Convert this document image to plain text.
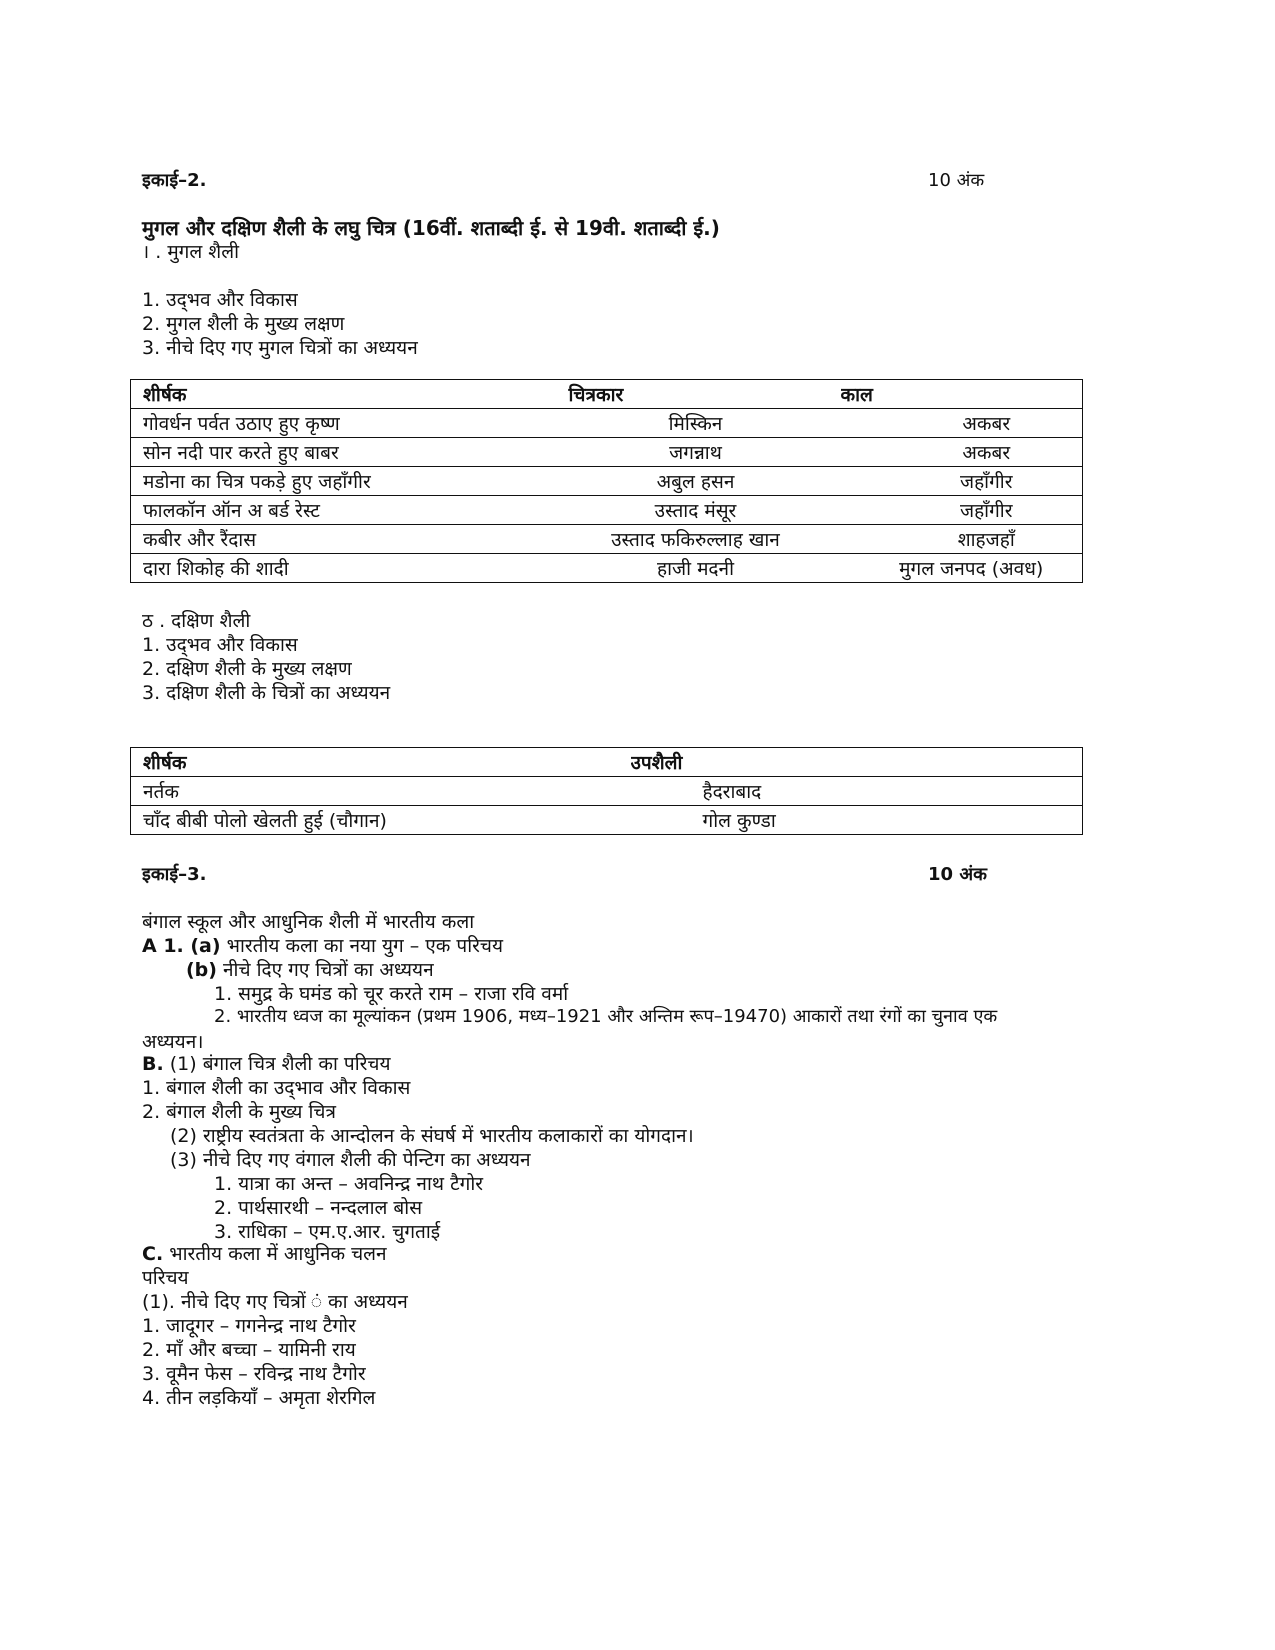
इकाई–2.	10 अंक
मुगल और दक्षिण शैली के लघु चित्र (16वीं. शताब्दी ई. से 19वी. शताब्दी ई.)
। . मुगल शैली
1. उद्‌भव और विकास
2. मुगल शैली के मुख्य लक्षण
3. नीचे दिए गए मुगल चित्रों का अध्ययन
शीर्षक	चित्रकार	काल
गोवर्धन पर्वत उठाए हुए कृष्ण	मिस्किन	अकबर
सोन नदी पार करते हुए बाबर	जगन्नाथ	अकबर
मडोना का चित्र पकड़े हुए जहाँगीर	अबुल हसन	जहाँगीर
फालकॉन ऑन अ बर्ड रेस्ट	उस्ताद मंसूर	जहाँगीर
कबीर और रैंदास	उस्ताद फकिरुल्लाह खान	शाहजहाँ
दारा शिकोह की शादी	हाजी मदनी	मुगल जनपद (अवध)
ठ . दक्षिण शैली
1. उद्‌भव और विकास
2. दक्षिण शैली के मुख्य लक्षण
3. दक्षिण शैली के चित्रों का अध्ययन
शीर्षक	उपशैली
नर्तक	हैदराबाद
चाँद बीबी पोलो खेलती हुई (चौगान)	गोल कुण्डा
इकाई–3.	10 अंक
बंगाल स्कूल और आधुनिक शैली में भारतीय कला
A 1. (a) भारतीय कला का नया युग – एक परिचय
(b) नीचे दिए गए चित्रों का अध्ययन
1. समुद्र के घमंड को चूर करते राम – राजा रवि वर्मा
2. भारतीय ध्वज का मूल्यांकन (प्रथम 1906, मध्य–1921 और अन्तिम रूप–19470) आकारों तथा रंगों का चुनाव एक
अध्ययन।
B. (1) बंगाल चित्र शैली का परिचय
1. बंगाल शैली का उद्‌भाव और विकास
2. बंगाल शैली के मुख्य चित्र
(2) राष्ट्रीय स्वतंत्रता के आन्दोलन के संघर्ष में भारतीय कलाकारों का योगदान।
(3) नीचे दिए गए वंगाल शैली की पेन्टिग का अध्ययन
1. यात्रा का अन्त – अवनिन्द्र नाथ टैगोर
2. पार्थसारथी – नन्दलाल बोस
3. राधिका – एम.ए.आर. चुगताई
C. भारतीय कला में आधुनिक चलन
परिचय
(1). नीचे दिए गए चित्रों ं का अध्ययन
1. जादूगर – गगनेन्द्र नाथ टैगोर
2. माँ और बच्चा – यामिनी राय
3. वूमैन फेस – रविन्द्र नाथ टैगोर
4. तीन लड़कियाँ – अमृता शेरगिल
